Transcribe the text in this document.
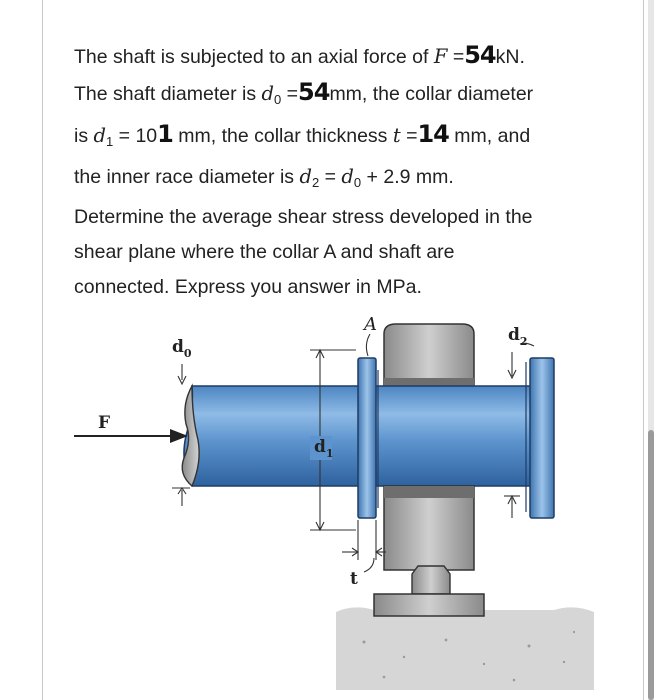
The shaft is subjected to an axial force of F =54kN.
The shaft diameter is $d_0 =54mm$, the collar diameter
is $d_1 = 101$ mm, the collar thickness t =14 mm, and
the inner race diameter is $d_2 = d_0 + 2.9$ mm.
Determine the average shear stress developed in the
shear plane where the collar A and shaft are
connected. Express you answer in MPa.
$d_0$
$d_1$
$d_2$
A
t
F
